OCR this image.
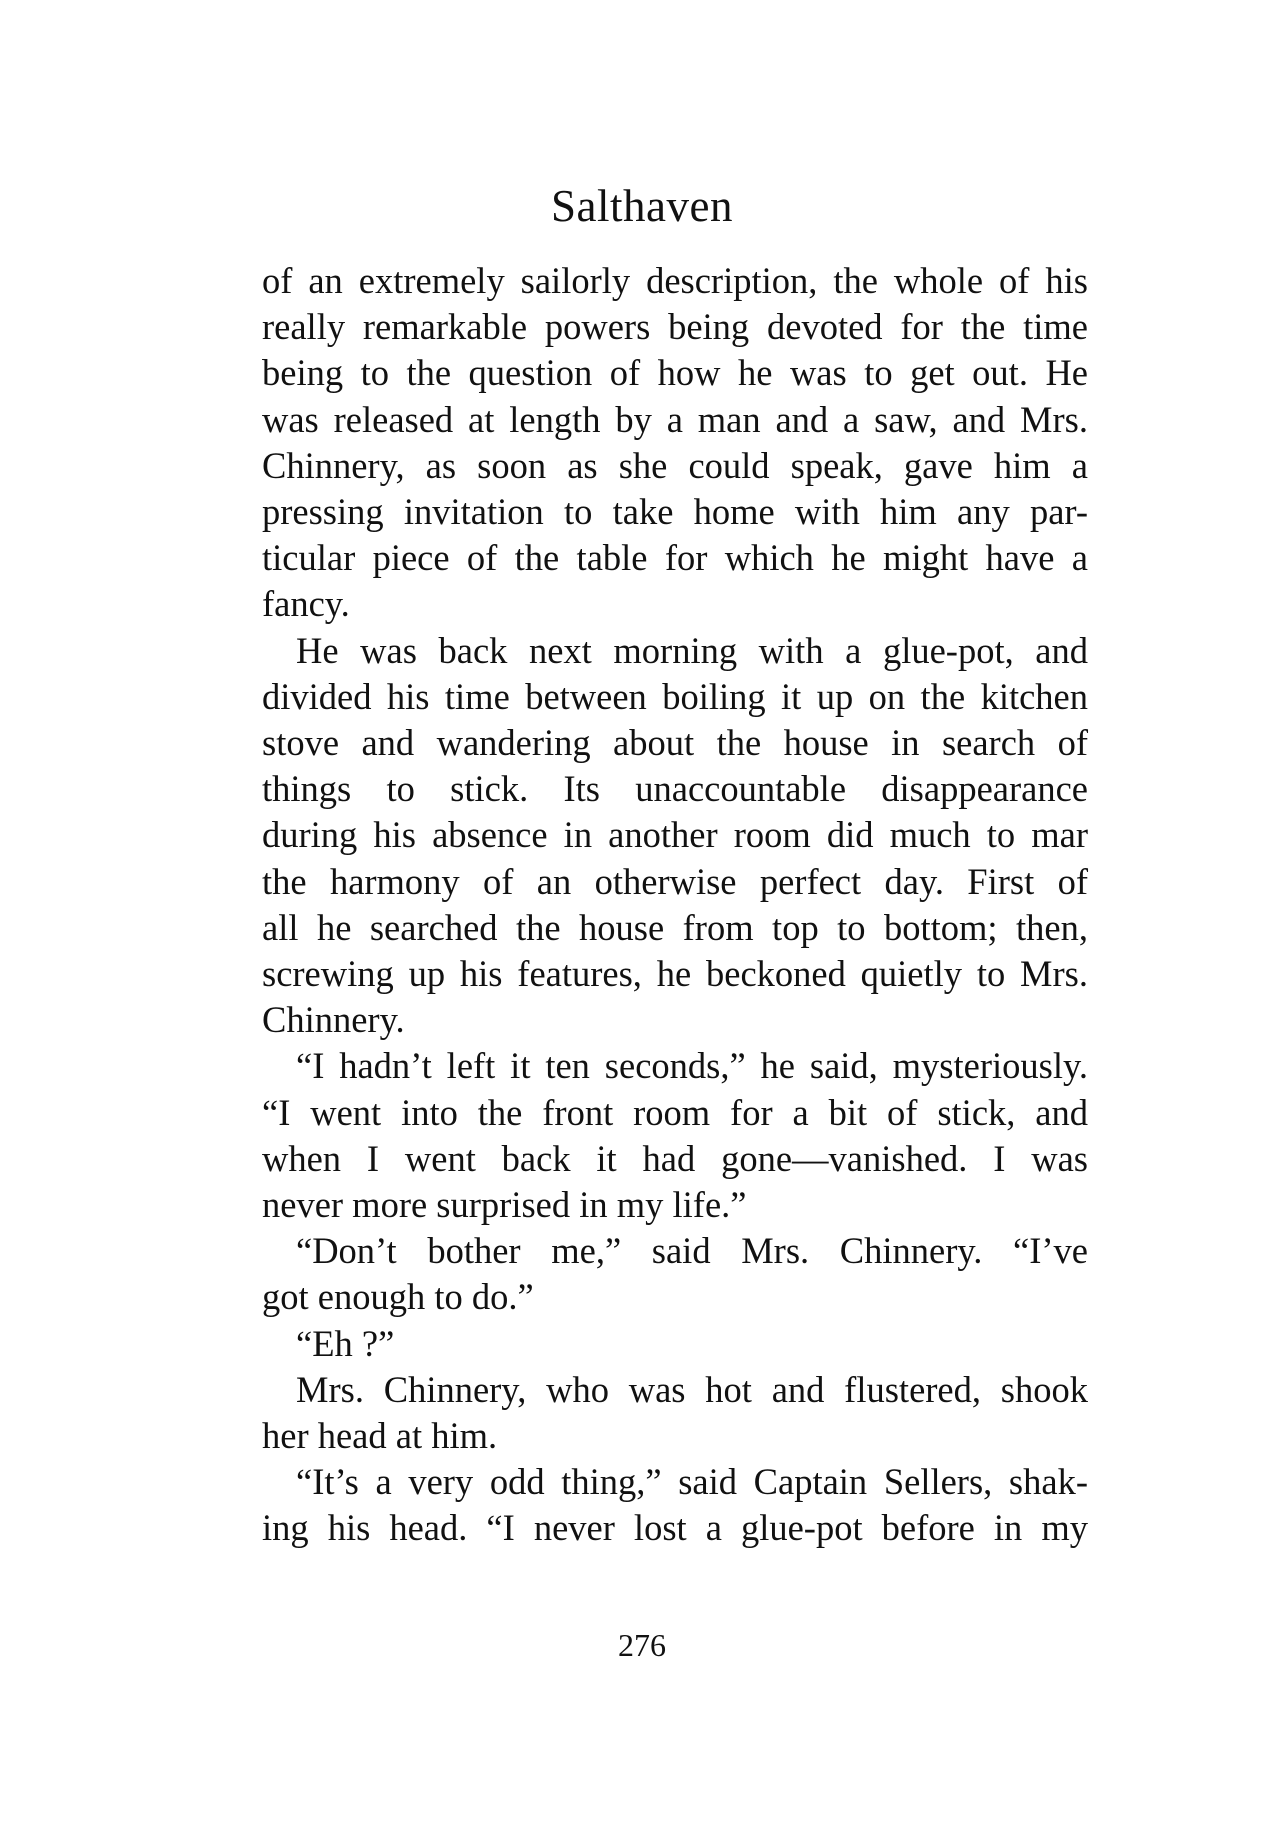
Salthaven
of an extremely sailorly description, the whole of his
really remarkable powers being devoted for the time
being to the question of how he was to get out. He
was released at length by a man and a saw, and Mrs.
Chinnery, as soon as she could speak, gave him a
pressing invitation to take home with him any par-
ticular piece of the table for which he might have a
fancy.
He was back next morning with a glue-pot, and
divided his time between boiling it up on the kitchen
stove and wandering about the house in search of
things to stick. Its unaccountable disappearance
during his absence in another room did much to mar
the harmony of an otherwise perfect day. First of
all he searched the house from top to bottom; then,
screwing up his features, he beckoned quietly to Mrs.
Chinnery.
“I hadn’t left it ten seconds,” he said, mysteriously.
“I went into the front room for a bit of stick, and
when I went back it had gone—vanished. I was
never more surprised in my life.”
“Don’t bother me,” said Mrs. Chinnery. “I’ve
got enough to do.”
“Eh ?”
Mrs. Chinnery, who was hot and flustered, shook
her head at him.
“It’s a very odd thing,” said Captain Sellers, shak-
ing his head. “I never lost a glue-pot before in my
276
